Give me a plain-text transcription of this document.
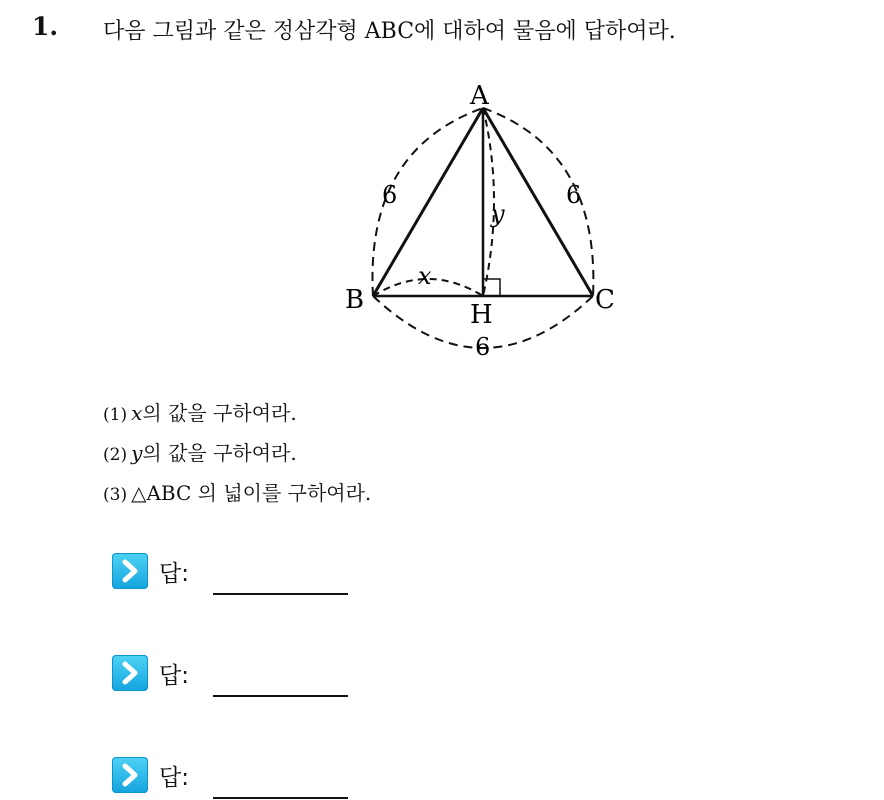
1. 다음 그림과 같은 정삼각형 ABC에 대하여 물음에 답하여라.
A
B	C
H
6	6
6
x
y
(1) x의 값을 구하여라.
(2) y의 값을 구하여라.
(3) △ABC 의 넓이를 구하여라.
답:
답:
답:
